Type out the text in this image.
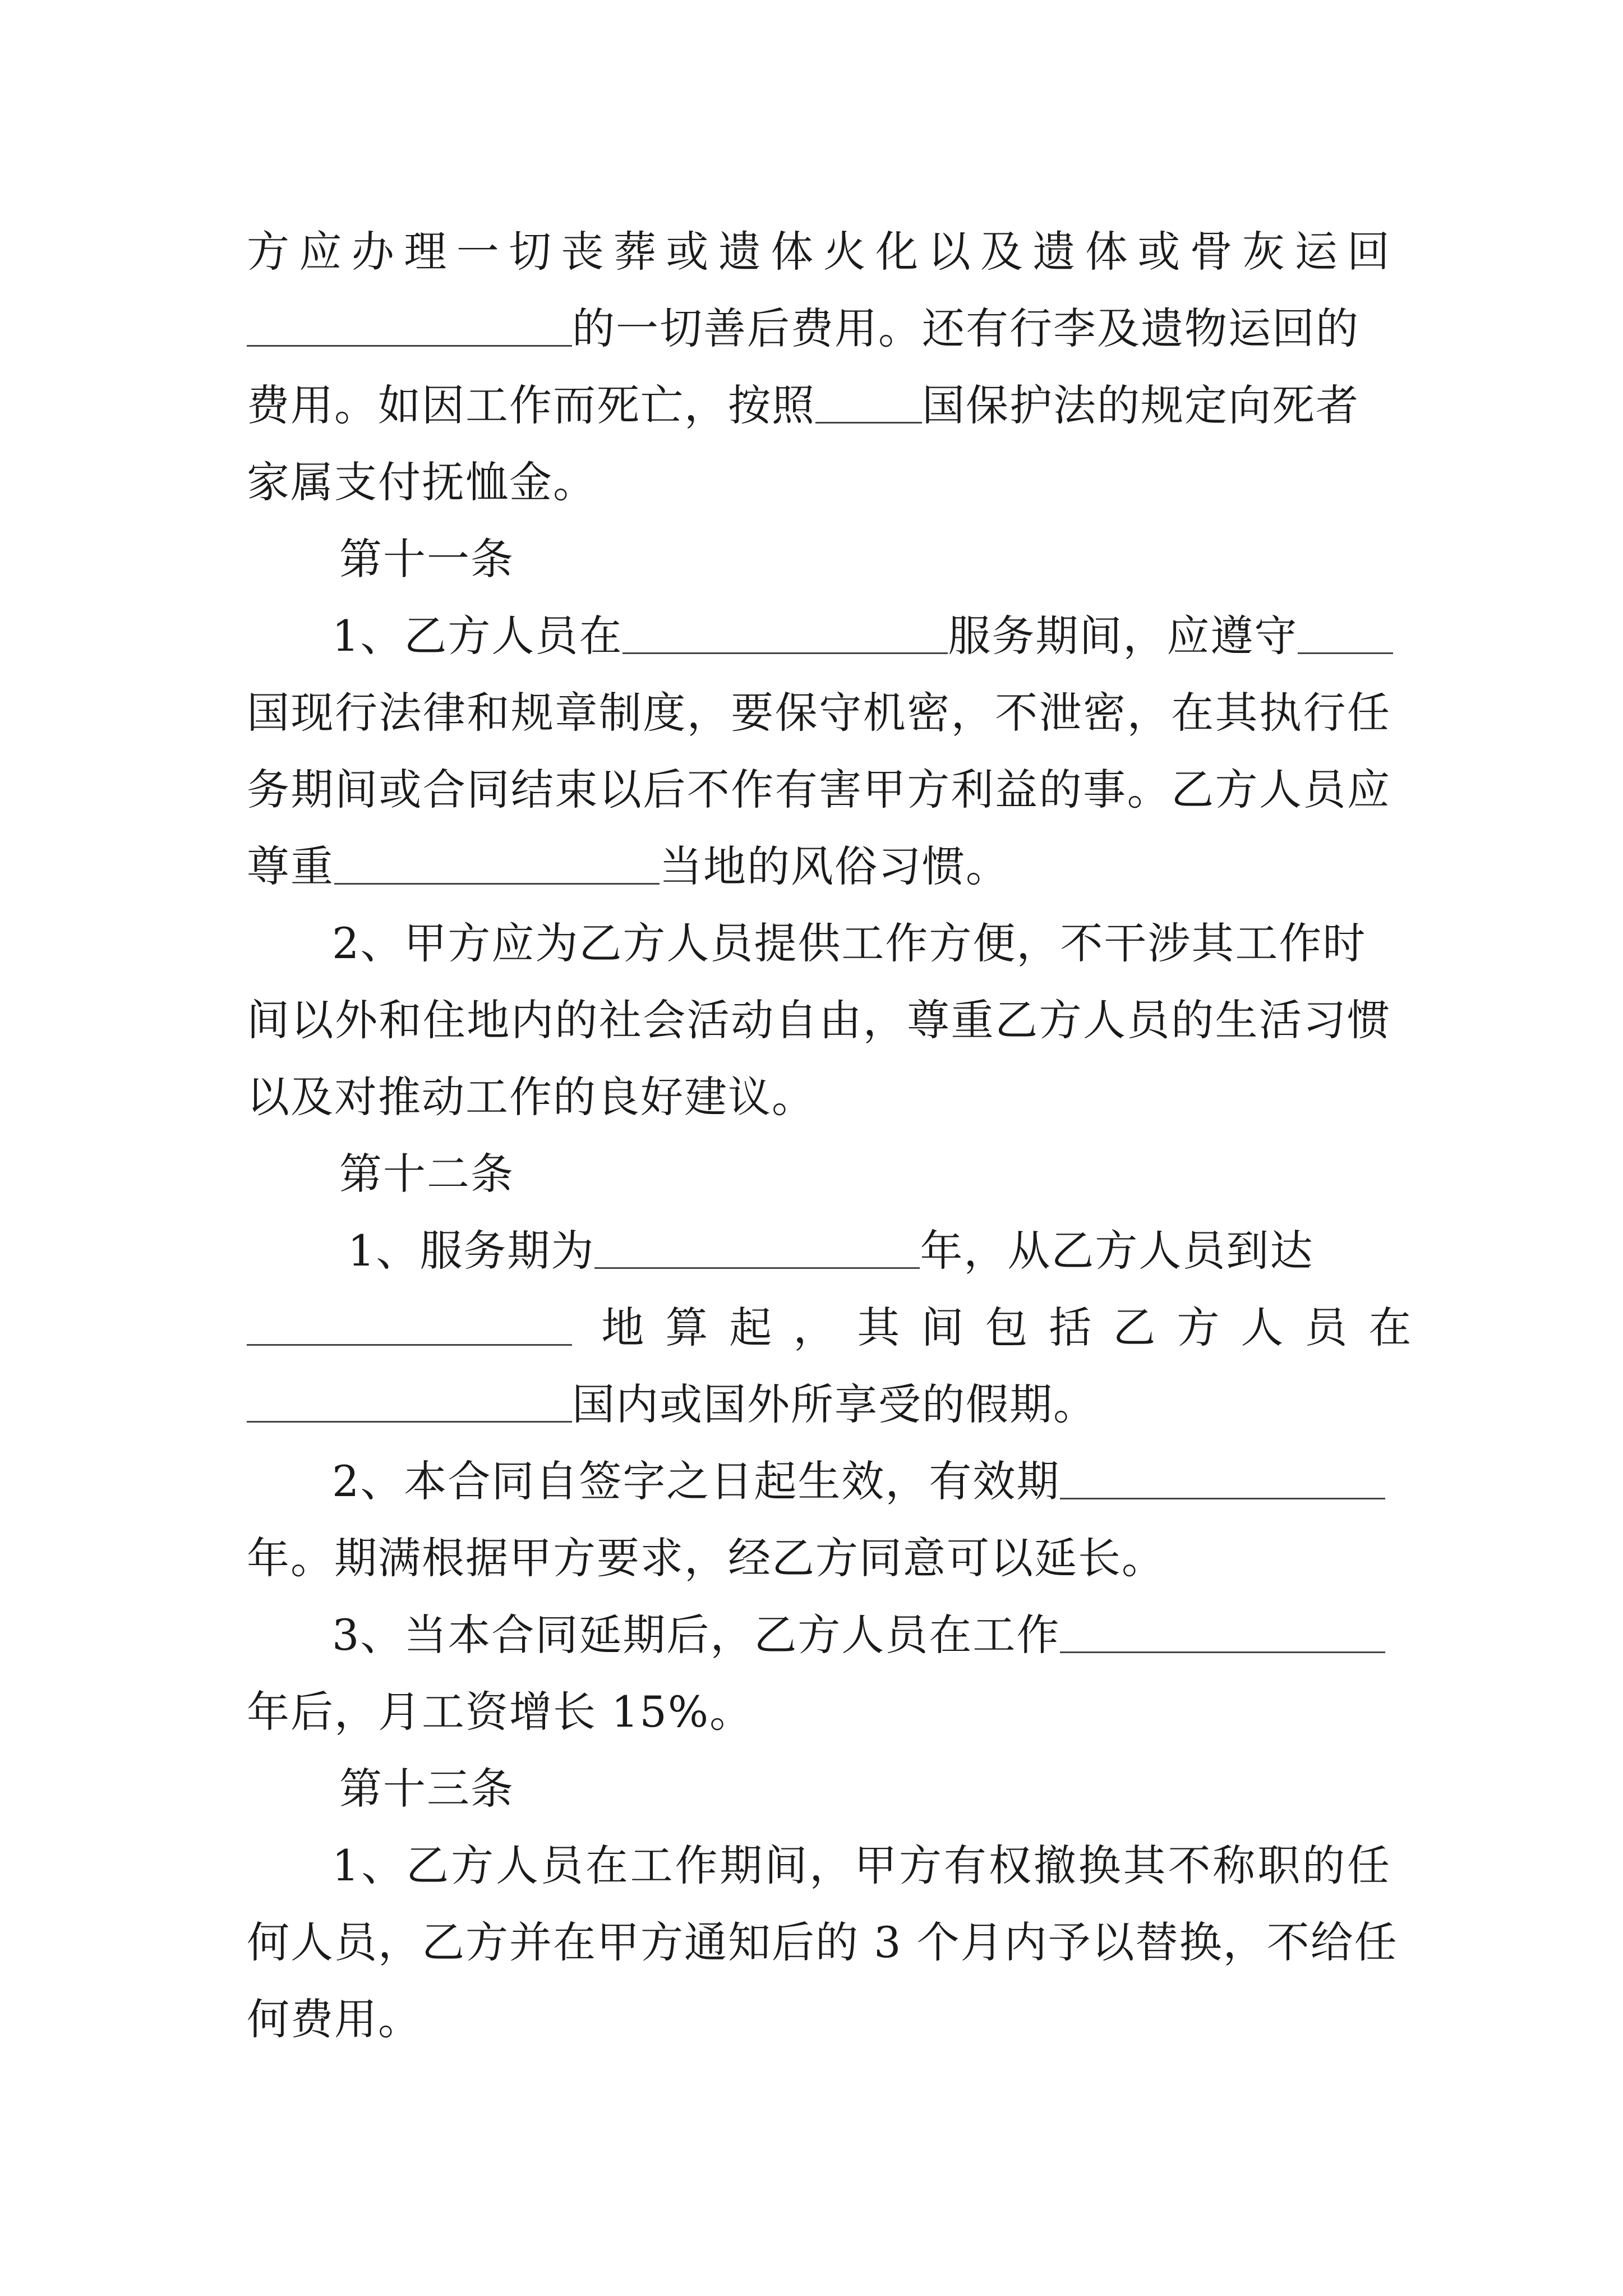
方应办理一切丧葬或遗体火化以及遗体或骨灰运回
的一切善后费用。还有行李及遗物运回的
费用。如因工作而死亡，按照	国保护法的规定向死者
家属支付抚恤金。
第十一条
1、乙方人员在	服务期间，应遵守
国现行法律和规章制度，要保守机密，不泄密，在其执行任
务期间或合同结束以后不作有害甲方利益的事。乙方人员应
尊重	当地的风俗习惯。
2、甲方应为乙方人员提供工作方便，不干涉其工作时
间以外和住地内的社会活动自由，尊重乙方人员的生活习惯
以及对推动工作的良好建议。
第十二条
1、服务期为	年，从乙方人员到达
地算起，其间包括乙方人员在
国内或国外所享受的假期。
2、本合同自签字之日起生效，有效期
年。期满根据甲方要求，经乙方同意可以延长。
3、当本合同延期后，乙方人员在工作
年后，月工资增长 15%。
第十三条
1、乙方人员在工作期间，甲方有权撤换其不称职的任
何人员，乙方并在甲方通知后的 3 个月内予以替换，不给任
何费用。
